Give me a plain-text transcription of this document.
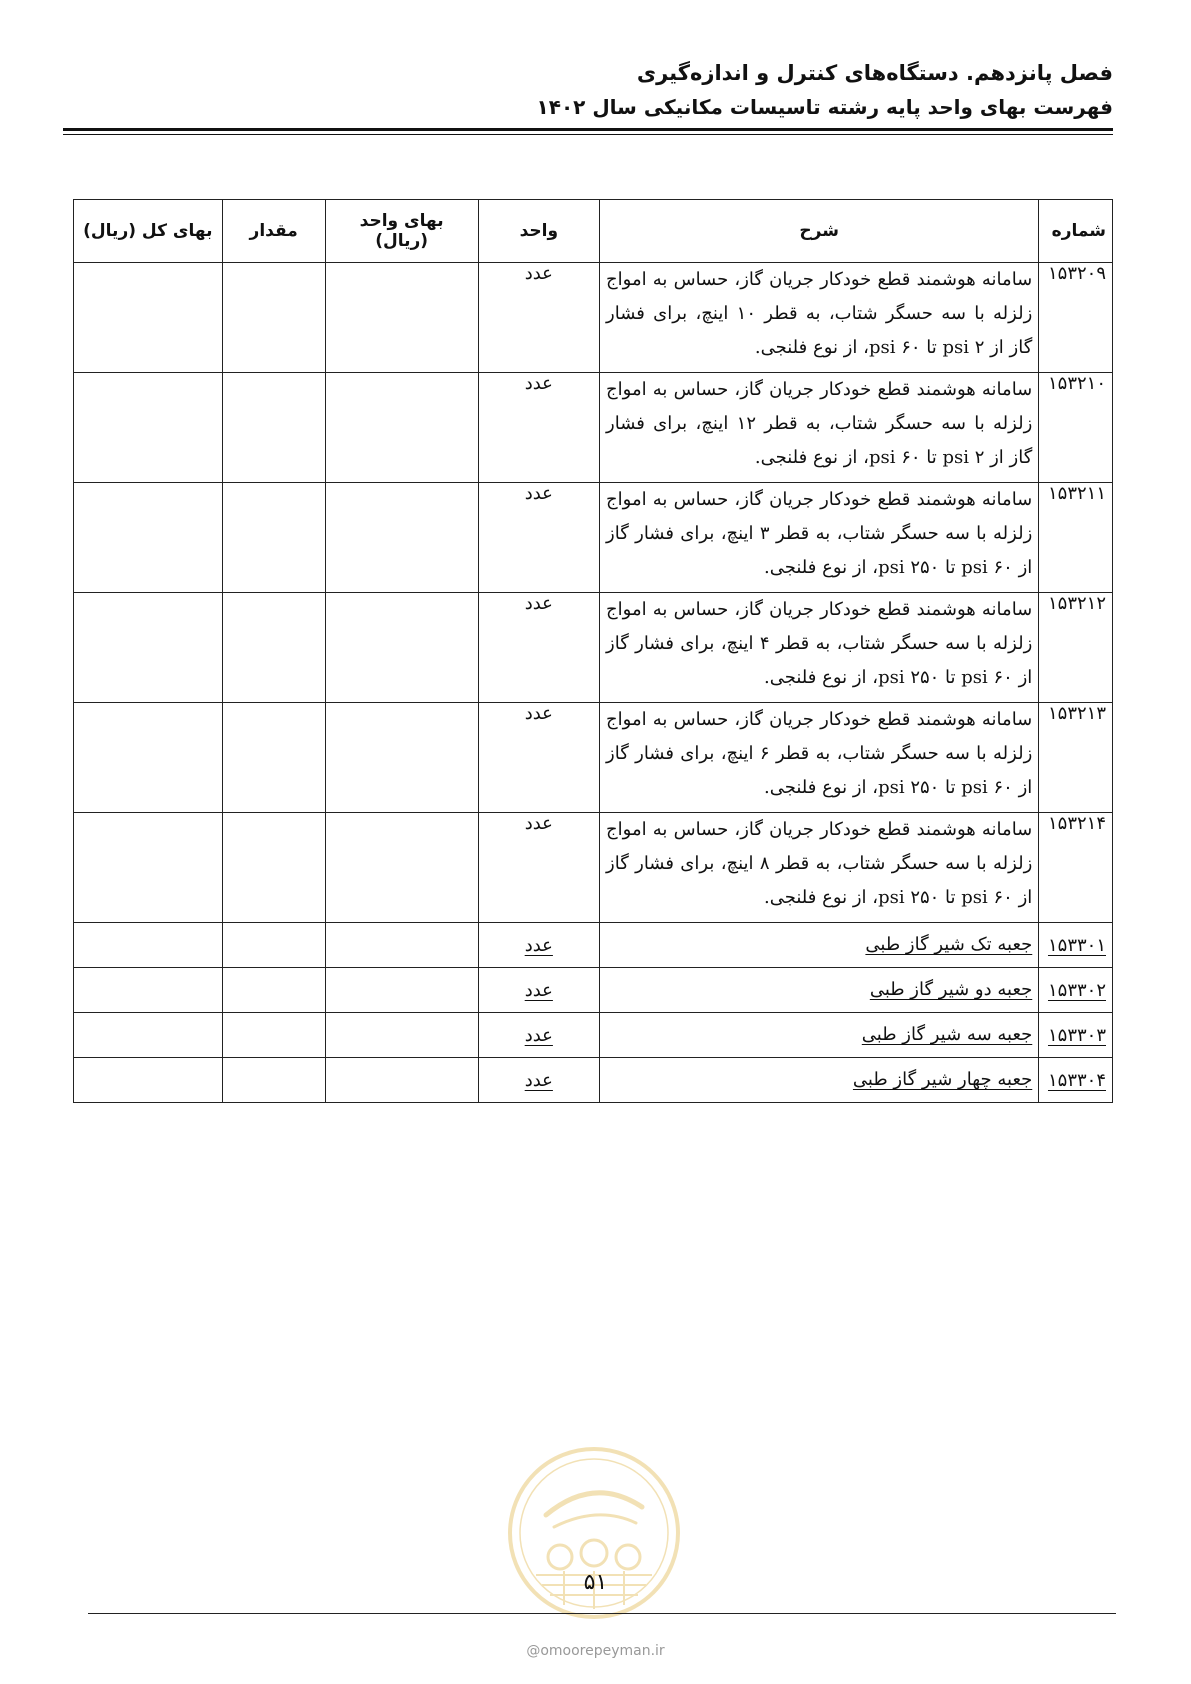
فصل پانزدهم. دستگاه‌های کنترل و اندازه‌گیری
فهرست بهای واحد پایه رشته تاسیسات مکانیکی سال ۱۴۰۲
شماره	شرح	واحد	بهای واحد (ریال)	مقدار	بهای کل (ریال)
۱۵۳۲۰۹	سامانه هوشمند قطع خودکار جریان گاز، حساس به امواج زلزله با سه حسگر شتاب، به قطر ۱۰ اینچ، برای فشار گاز از psi ۲ تا psi ۶۰، از نوع فلنجی.	عدد			
۱۵۳۲۱۰	سامانه هوشمند قطع خودکار جریان گاز، حساس به امواج زلزله با سه حسگر شتاب، به قطر ۱۲ اینچ، برای فشار گاز از psi ۲ تا psi ۶۰، از نوع فلنجی.	عدد			
۱۵۳۲۱۱	سامانه هوشمند قطع خودکار جریان گاز، حساس به امواج زلزله با سه حسگر شتاب، به قطر ۳ اینچ، برای فشار گاز از psi ۶۰ تا psi ۲۵۰، از نوع فلنجی.	عدد			
۱۵۳۲۱۲	سامانه هوشمند قطع خودکار جریان گاز، حساس به امواج زلزله با سه حسگر شتاب، به قطر ۴ اینچ، برای فشار گاز از psi ۶۰ تا psi ۲۵۰، از نوع فلنجی.	عدد			
۱۵۳۲۱۳	سامانه هوشمند قطع خودکار جریان گاز، حساس به امواج زلزله با سه حسگر شتاب، به قطر ۶ اینچ، برای فشار گاز از psi ۶۰ تا psi ۲۵۰، از نوع فلنجی.	عدد			
۱۵۳۲۱۴	سامانه هوشمند قطع خودکار جریان گاز، حساس به امواج زلزله با سه حسگر شتاب، به قطر ۸ اینچ، برای فشار گاز از psi ۶۰ تا psi ۲۵۰، از نوع فلنجی.	عدد			
۱۵۳۳۰۱	جعبه تک شیر گاز طبی	عدد			
۱۵۳۳۰۲	جعبه دو شیر گاز طبی	عدد			
۱۵۳۳۰۳	جعبه سه شیر گاز طبی	عدد			
۱۵۳۳۰۴	جعبه چهار شیر گاز طبی	عدد			
۵۱
@omoorepeyman.ir
